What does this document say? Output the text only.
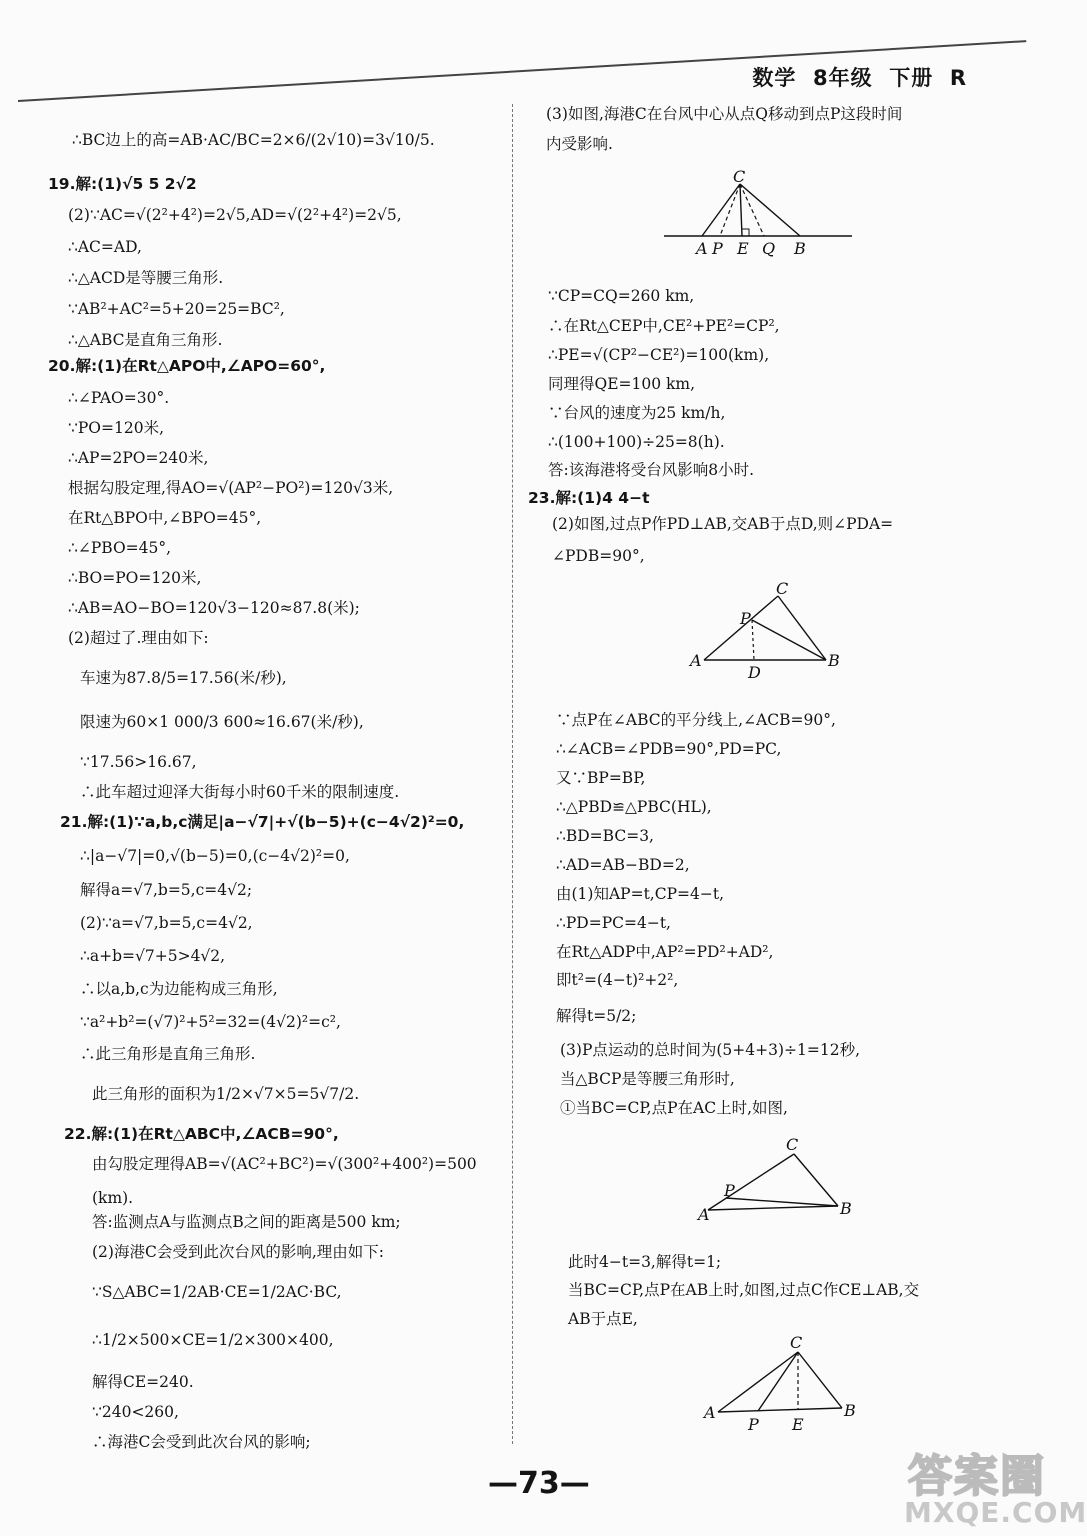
数学  8年级  下册  R
∴BC边上的高=AB·AC/BC=2×6/(2√10)=3√10/5.
19.解:(1)√5 5 2√2
(2)∵AC=√(2²+4²)=2√5,AD=√(2²+4²)=2√5,
∴AC=AD,
∴△ACD是等腰三角形.
∵AB²+AC²=5+20=25=BC²,
∴△ABC是直角三角形.
20.解:(1)在Rt△APO中,∠APO=60°,
∴∠PAO=30°.
∵PO=120米,
∴AP=2PO=240米,
根据勾股定理,得AO=√(AP²−PO²)=120√3米,
在Rt△BPO中,∠BPO=45°,
∴∠PBO=45°,
∴BO=PO=120米,
∴AB=AO−BO=120√3−120≈87.8(米);
(2)超过了.理由如下:
车速为87.8/5=17.56(米/秒),
限速为60×1 000/3 600≈16.67(米/秒),
∵17.56>16.67,
∴此车超过迎泽大街每小时60千米的限制速度.
21.解:(1)∵a,b,c满足|a−√7|+√(b−5)+(c−4√2)²=0,
∴|a−√7|=0,√(b−5)=0,(c−4√2)²=0,
解得a=√7,b=5,c=4√2;
(2)∵a=√7,b=5,c=4√2,
∴a+b=√7+5>4√2,
∴以a,b,c为边能构成三角形,
∵a²+b²=(√7)²+5²=32=(4√2)²=c²,
∴此三角形是直角三角形.
此三角形的面积为1/2×√7×5=5√7/2.
22.解:(1)在Rt△ABC中,∠ACB=90°,
由勾股定理得AB=√(AC²+BC²)=√(300²+400²)=500
(km).
答:监测点A与监测点B之间的距离是500 km;
(2)海港C会受到此次台风的影响,理由如下:
∵S△ABC=1/2AB·CE=1/2AC·BC,
∴1/2×500×CE=1/2×300×400,
解得CE=240.
∵240<260,
∴海港C会受到此次台风的影响;
(3)如图,海港C在台风中心从点Q移动到点P这段时间
内受影响.
∵CP=CQ=260 km,
∴在Rt△CEP中,CE²+PE²=CP²,
∴PE=√(CP²−CE²)=100(km),
同理得QE=100 km,
∵台风的速度为25 km/h,
∴(100+100)÷25=8(h).
答:该海港将受台风影响8小时.
23.解:(1)4 4−t
(2)如图,过点P作PD⊥AB,交AB于点D,则∠PDA=
∠PDB=90°,
∵点P在∠ABC的平分线上,∠ACB=90°,
∴∠ACB=∠PDB=90°,PD=PC,
又∵BP=BP,
∴△PBD≌△PBC(HL),
∴BD=BC=3,
∴AD=AB−BD=2,
由(1)知AP=t,CP=4−t,
∴PD=PC=4−t,
在Rt△ADP中,AP²=PD²+AD²,
即t²=(4−t)²+2²,
解得t=5/2;
(3)P点运动的总时间为(5+4+3)÷1=12秒,
当△BCP是等腰三角形时,
①当BC=CP,点P在AC上时,如图,
此时4−t=3,解得t=1;
当BC=CP,点P在AB上时,如图,过点C作CE⊥AB,交
AB于点E,
C
A P E Q B
C
P
A
D
B
C
P
A	B
C
A
P E
B
—73—	答案圈
MXQE.COM
